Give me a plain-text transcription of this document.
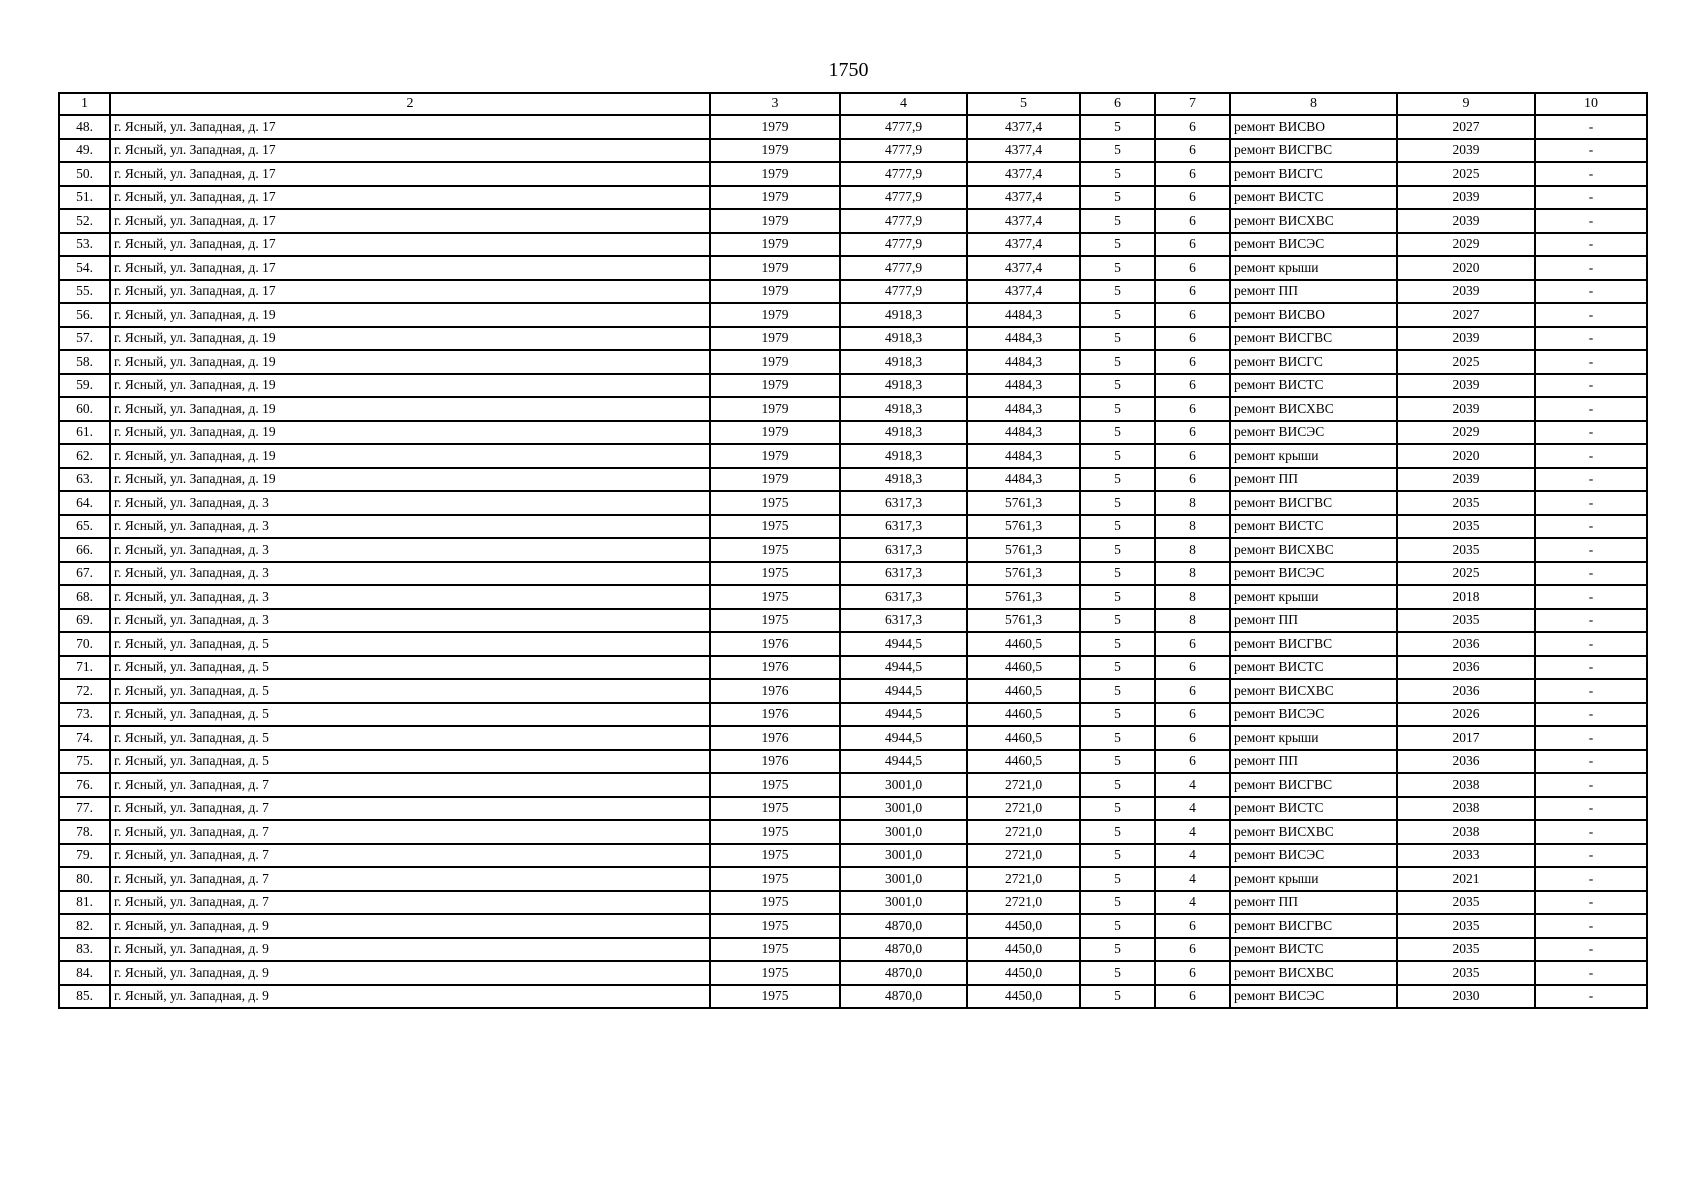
1750
1	2	3	4	5	6	7	8	9	10
48.	г. Ясный, ул. Западная, д. 17	1979	4777,9	4377,4	5	6	ремонт ВИСВО	2027	-
49.	г. Ясный, ул. Западная, д. 17	1979	4777,9	4377,4	5	6	ремонт ВИСГВС	2039	-
50.	г. Ясный, ул. Западная, д. 17	1979	4777,9	4377,4	5	6	ремонт ВИСГС	2025	-
51.	г. Ясный, ул. Западная, д. 17	1979	4777,9	4377,4	5	6	ремонт ВИСТС	2039	-
52.	г. Ясный, ул. Западная, д. 17	1979	4777,9	4377,4	5	6	ремонт ВИСХВС	2039	-
53.	г. Ясный, ул. Западная, д. 17	1979	4777,9	4377,4	5	6	ремонт ВИСЭС	2029	-
54.	г. Ясный, ул. Западная, д. 17	1979	4777,9	4377,4	5	6	ремонт крыши	2020	-
55.	г. Ясный, ул. Западная, д. 17	1979	4777,9	4377,4	5	6	ремонт ПП	2039	-
56.	г. Ясный, ул. Западная, д. 19	1979	4918,3	4484,3	5	6	ремонт ВИСВО	2027	-
57.	г. Ясный, ул. Западная, д. 19	1979	4918,3	4484,3	5	6	ремонт ВИСГВС	2039	-
58.	г. Ясный, ул. Западная, д. 19	1979	4918,3	4484,3	5	6	ремонт ВИСГС	2025	-
59.	г. Ясный, ул. Западная, д. 19	1979	4918,3	4484,3	5	6	ремонт ВИСТС	2039	-
60.	г. Ясный, ул. Западная, д. 19	1979	4918,3	4484,3	5	6	ремонт ВИСХВС	2039	-
61.	г. Ясный, ул. Западная, д. 19	1979	4918,3	4484,3	5	6	ремонт ВИСЭС	2029	-
62.	г. Ясный, ул. Западная, д. 19	1979	4918,3	4484,3	5	6	ремонт крыши	2020	-
63.	г. Ясный, ул. Западная, д. 19	1979	4918,3	4484,3	5	6	ремонт ПП	2039	-
64.	г. Ясный, ул. Западная, д. 3	1975	6317,3	5761,3	5	8	ремонт ВИСГВС	2035	-
65.	г. Ясный, ул. Западная, д. 3	1975	6317,3	5761,3	5	8	ремонт ВИСТС	2035	-
66.	г. Ясный, ул. Западная, д. 3	1975	6317,3	5761,3	5	8	ремонт ВИСХВС	2035	-
67.	г. Ясный, ул. Западная, д. 3	1975	6317,3	5761,3	5	8	ремонт ВИСЭС	2025	-
68.	г. Ясный, ул. Западная, д. 3	1975	6317,3	5761,3	5	8	ремонт крыши	2018	-
69.	г. Ясный, ул. Западная, д. 3	1975	6317,3	5761,3	5	8	ремонт ПП	2035	-
70.	г. Ясный, ул. Западная, д. 5	1976	4944,5	4460,5	5	6	ремонт ВИСГВС	2036	-
71.	г. Ясный, ул. Западная, д. 5	1976	4944,5	4460,5	5	6	ремонт ВИСТС	2036	-
72.	г. Ясный, ул. Западная, д. 5	1976	4944,5	4460,5	5	6	ремонт ВИСХВС	2036	-
73.	г. Ясный, ул. Западная, д. 5	1976	4944,5	4460,5	5	6	ремонт ВИСЭС	2026	-
74.	г. Ясный, ул. Западная, д. 5	1976	4944,5	4460,5	5	6	ремонт крыши	2017	-
75.	г. Ясный, ул. Западная, д. 5	1976	4944,5	4460,5	5	6	ремонт ПП	2036	-
76.	г. Ясный, ул. Западная, д. 7	1975	3001,0	2721,0	5	4	ремонт ВИСГВС	2038	-
77.	г. Ясный, ул. Западная, д. 7	1975	3001,0	2721,0	5	4	ремонт ВИСТС	2038	-
78.	г. Ясный, ул. Западная, д. 7	1975	3001,0	2721,0	5	4	ремонт ВИСХВС	2038	-
79.	г. Ясный, ул. Западная, д. 7	1975	3001,0	2721,0	5	4	ремонт ВИСЭС	2033	-
80.	г. Ясный, ул. Западная, д. 7	1975	3001,0	2721,0	5	4	ремонт крыши	2021	-
81.	г. Ясный, ул. Западная, д. 7	1975	3001,0	2721,0	5	4	ремонт ПП	2035	-
82.	г. Ясный, ул. Западная, д. 9	1975	4870,0	4450,0	5	6	ремонт ВИСГВС	2035	-
83.	г. Ясный, ул. Западная, д. 9	1975	4870,0	4450,0	5	6	ремонт ВИСТС	2035	-
84.	г. Ясный, ул. Западная, д. 9	1975	4870,0	4450,0	5	6	ремонт ВИСХВС	2035	-
85.	г. Ясный, ул. Западная, д. 9	1975	4870,0	4450,0	5	6	ремонт ВИСЭС	2030	-
